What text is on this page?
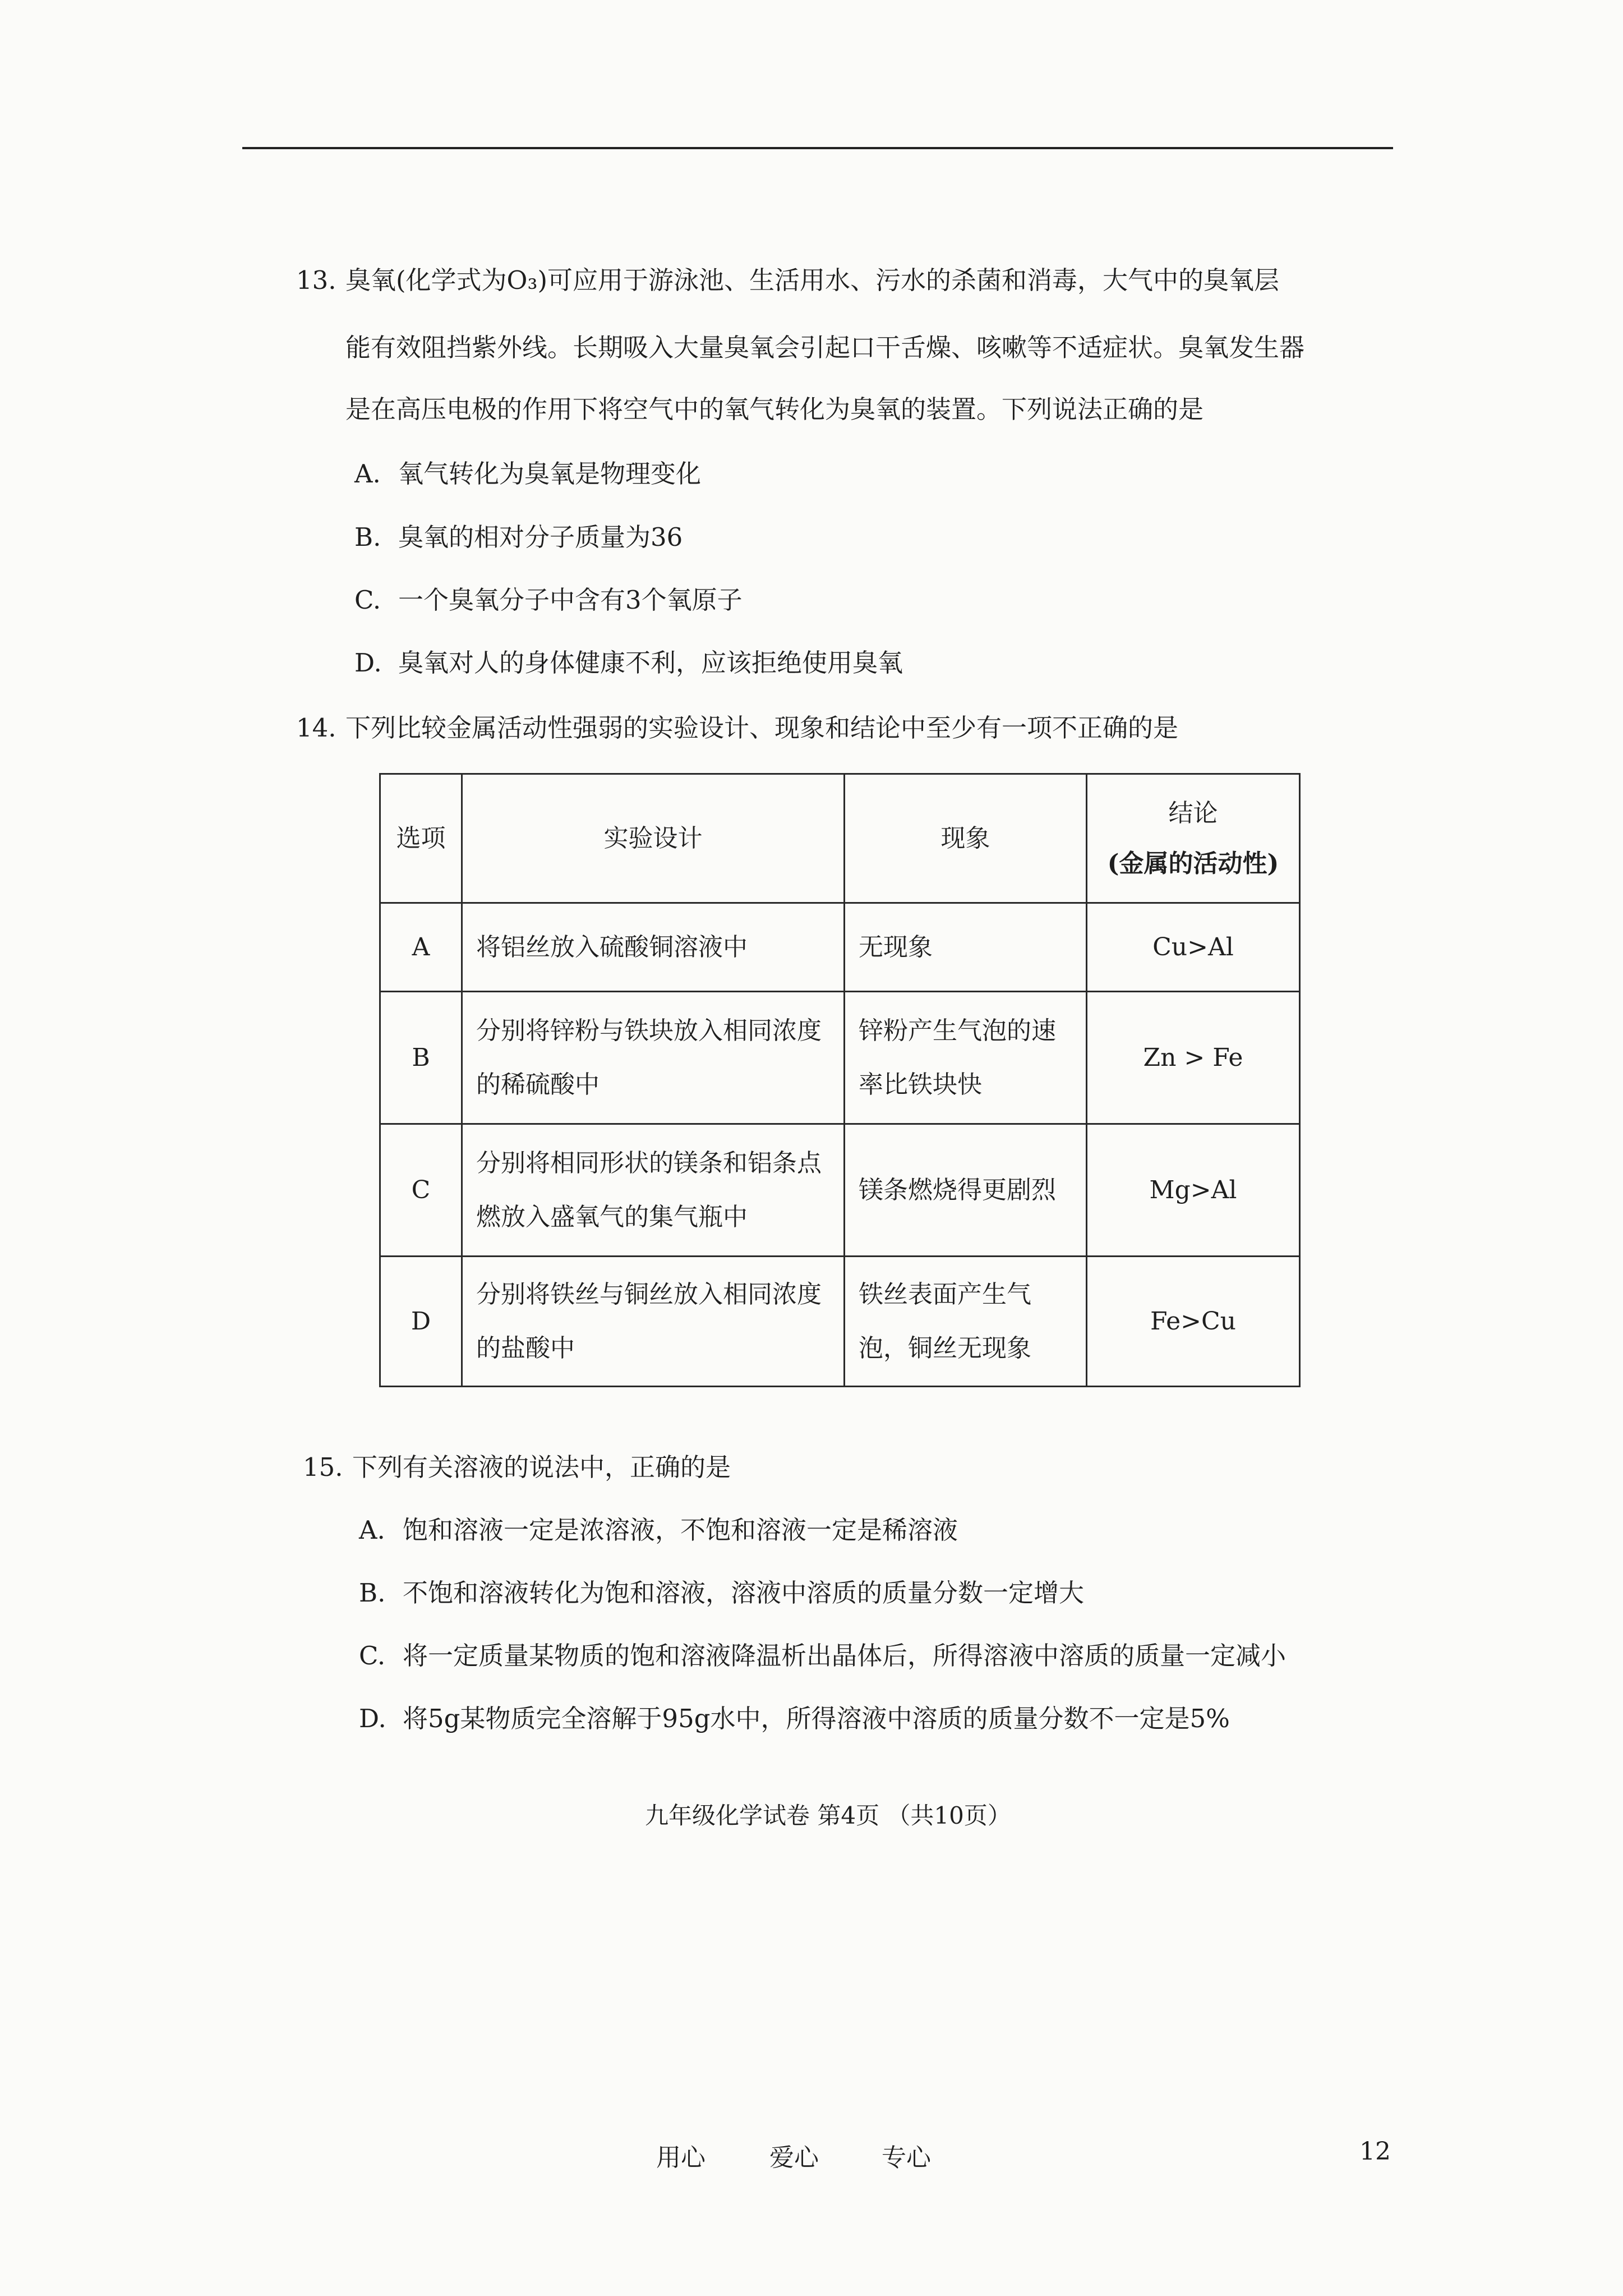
13. 臭氧(化学式为O₃)可应用于游泳池、生活用水、污水的杀菌和消毒，大气中的臭氧层
能有效阻挡紫外线。长期吸入大量臭氧会引起口干舌燥、咳嗽等不适症状。臭氧发生器
是在高压电极的作用下将空气中的氧气转化为臭氧的装置。下列说法正确的是
A. 氧气转化为臭氧是物理变化
B. 臭氧的相对分子质量为36
C. 一个臭氧分子中含有3个氧原子
D. 臭氧对人的身体健康不利，应该拒绝使用臭氧
14. 下列比较金属活动性强弱的实验设计、现象和结论中至少有一项不正确的是
选项	实验设计	现象	结论
(金属的活动性)

A	将铝丝放入硫酸铜溶液中	无现象	Cu>Al
B	分别将锌粉与铁块放入相同浓度的稀硫酸中	锌粉产生气泡的速率比铁块快	Zn > Fe
C	分别将相同形状的镁条和铝条点燃放入盛氧气的集气瓶中	镁条燃烧得更剧烈	Mg>Al
D	分别将铁丝与铜丝放入相同浓度的盐酸中	铁丝表面产生气泡，铜丝无现象	Fe>Cu
15. 下列有关溶液的说法中，正确的是
A. 饱和溶液一定是浓溶液，不饱和溶液一定是稀溶液
B. 不饱和溶液转化为饱和溶液，溶液中溶质的质量分数一定增大
C. 将一定质量某物质的饱和溶液降温析出晶体后，所得溶液中溶质的质量一定减小
D. 将5g某物质完全溶解于95g水中，所得溶液中溶质的质量分数不一定是5%
九年级化学试卷 第4页 （共10页）
用心	爱心	专心	12
